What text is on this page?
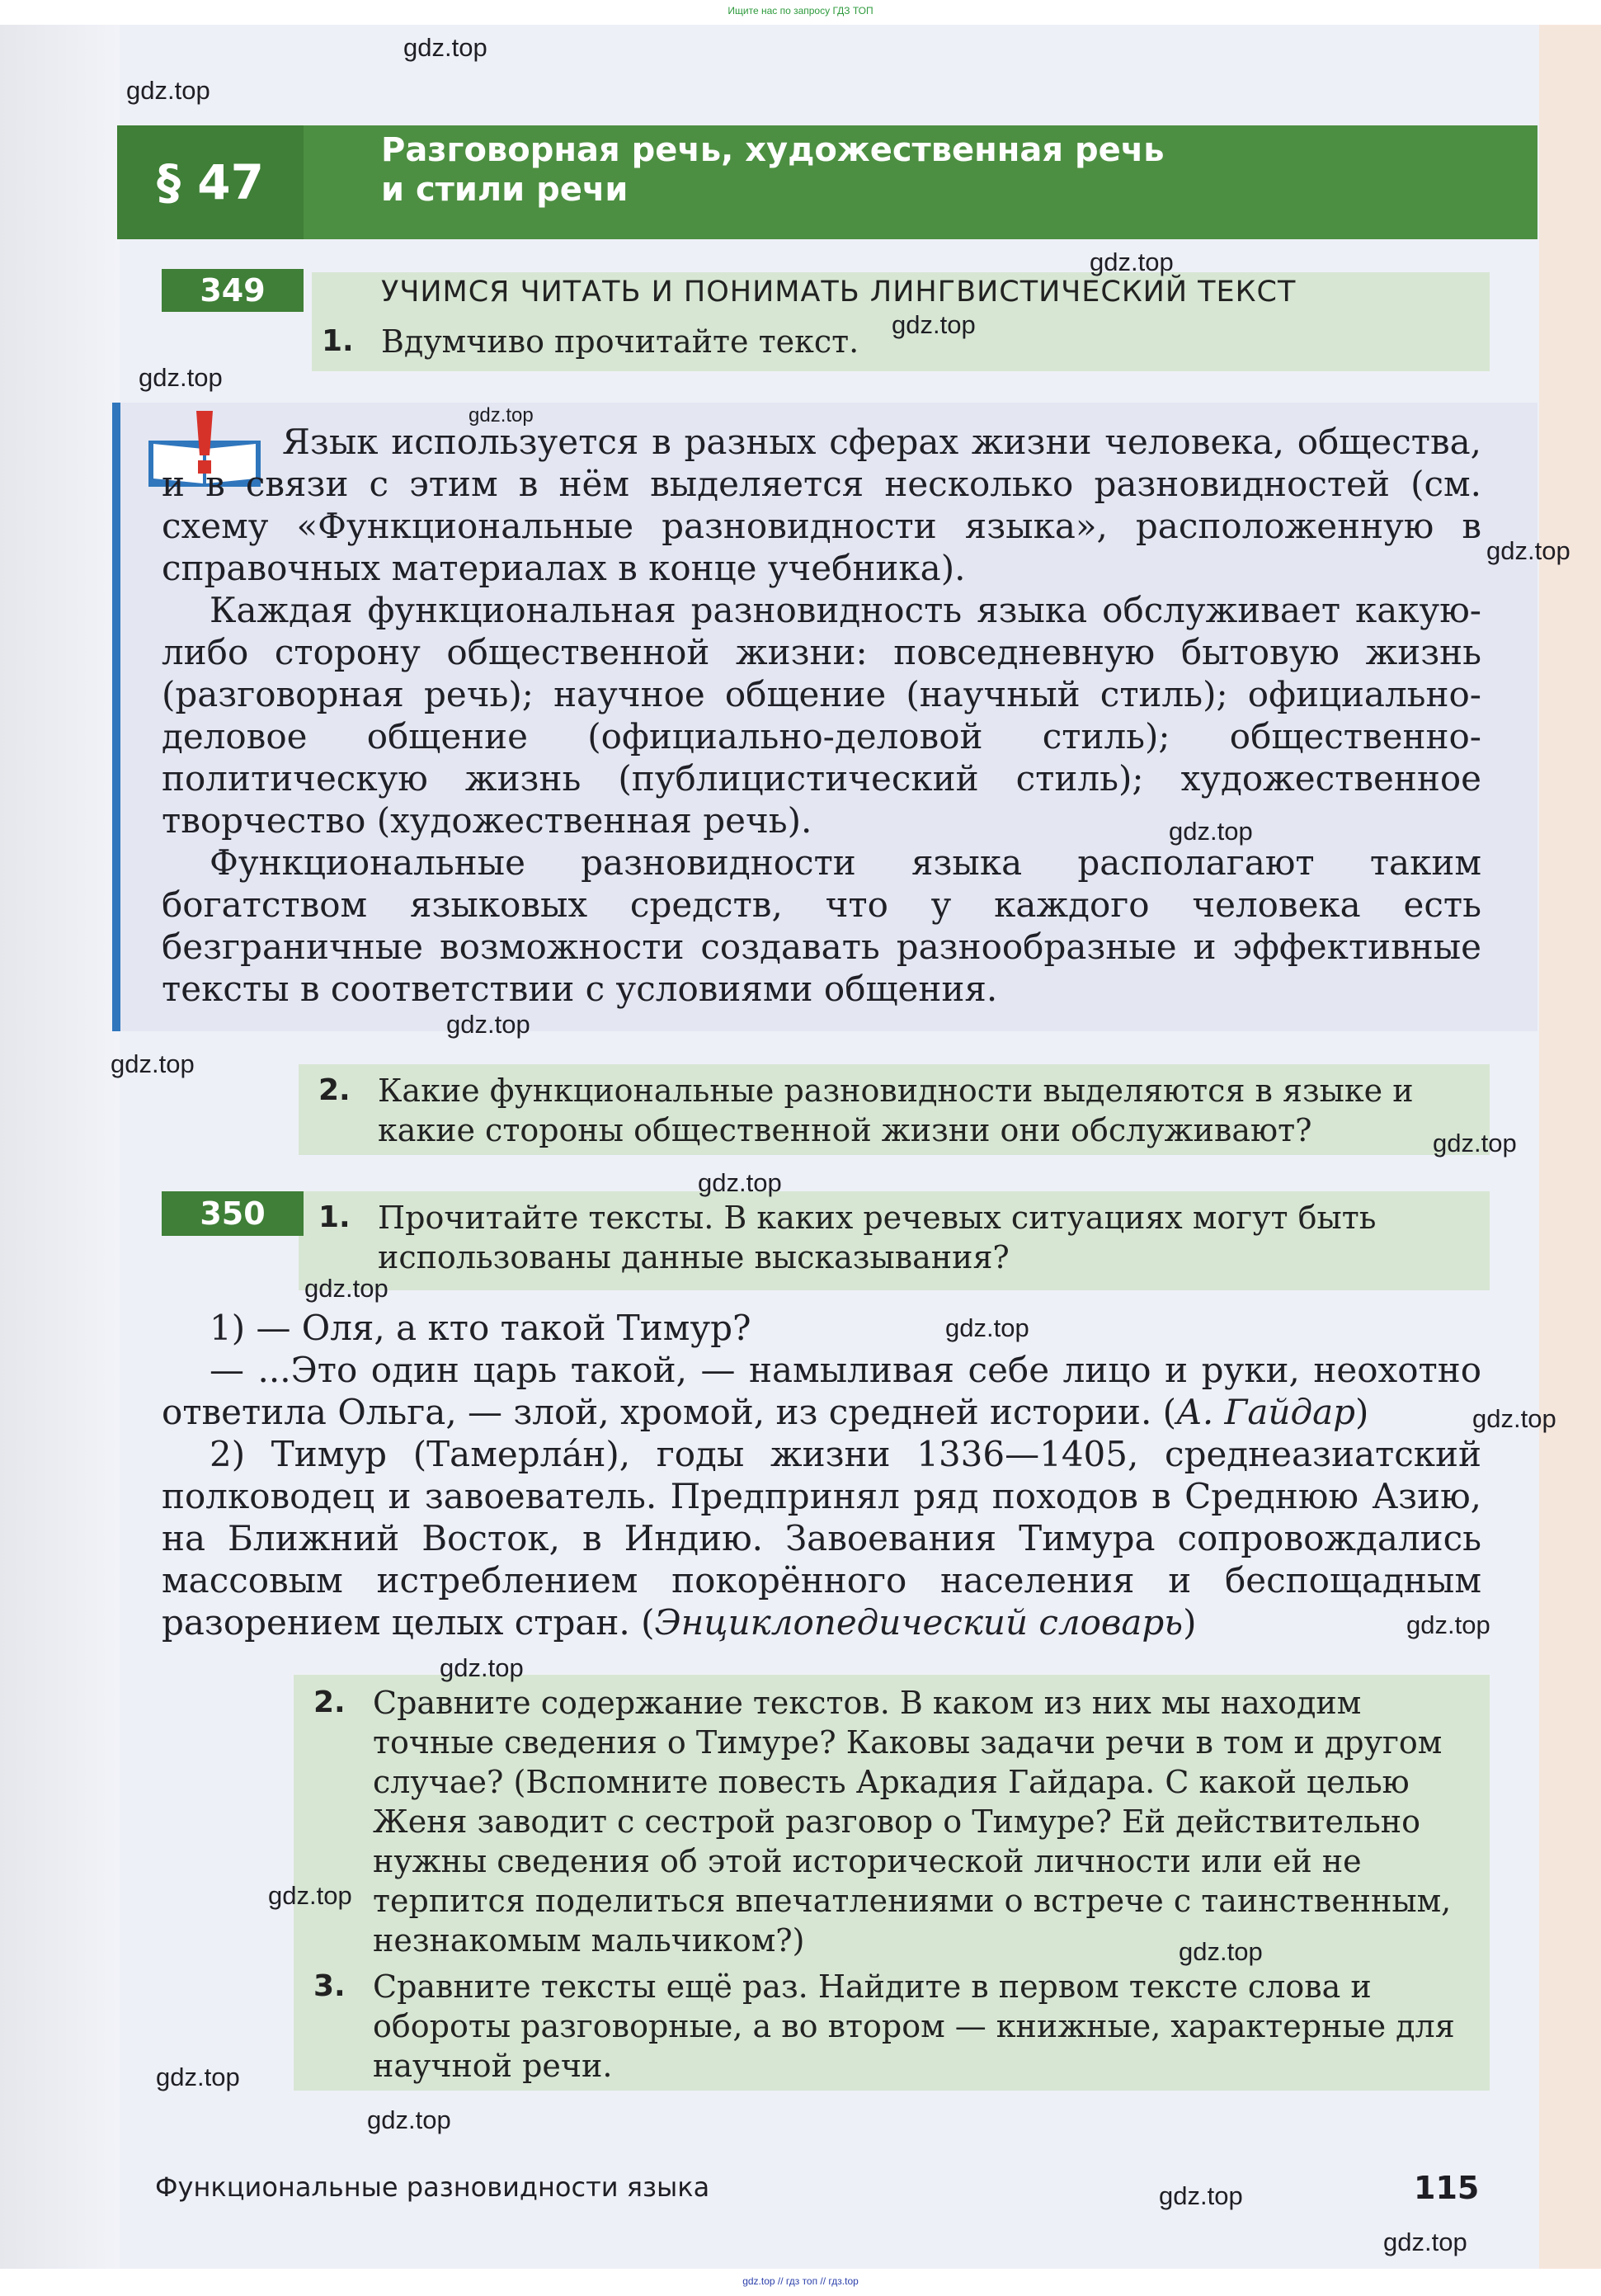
Ищите нас по запросу ГДЗ ТОП
§ 47
Разговорная речь, художественная речь
и стили речи
349	УЧИМСЯ ЧИТАТЬ И ПОНИМАТЬ ЛИНГВИСТИЧЕСКИЙ ТЕКСТ
1. Вдумчиво прочитайте текст.

Язык используется в разных сферах жизни человека, общества, и в связи с этим в нём выделяется несколько разновидностей (см. схему «Функциональные разновидности языка», расположенную в справочных материалах в конце учебника).

Каждая функциональная разновидность языка обслуживает какую-либо сторону общественной жизни: повседневную бытовую жизнь (разговорная речь); научное общение (научный стиль); официально-деловое общение (официально-деловой стиль); общественно-политическую жизнь (публицистический стиль); художественное творчество (художественная речь).

Функциональные разновидности языка располагают таким богатством языковых средств, что у каждого человека есть безграничные возможности создавать разнообразные и эффективные тексты в соответствии с условиями общения.

2. Какие функциональные разновидности выделяются в языке и какие стороны общественной жизни они обслуживают?
350	1. Прочитайте тексты. В каких речевых ситуациях могут быть использованы данные высказывания?

1) — Оля, а кто такой Тимур?

— ...Это один царь такой, — намыливая себе лицо и руки, неохотно ответила Ольга, — злой, хромой, из средней истории. (А. Гайдар)

2) Тимур (Тамерла́н), годы жизни 1336—1405, среднеазиатский полководец и завоеватель. Предпринял ряд походов в Среднюю Азию, на Ближний Восток, в Индию. Завоевания Тимура сопровождались массовым истреблением покорённого населения и беспощадным разорением целых стран. (Энциклопедический словарь)

2. Сравните содержание текстов. В каком из них мы находим точные сведения о Тимуре? Каковы задачи речи в том и другом случае? (Вспомните повесть Аркадия Гайдара. С какой целью Женя заводит с сестрой разговор о Тимуре? Ей действительно нужны сведения об этой исторической личности или ей не терпится поделиться впечатлениями о встрече с таинственным, незнакомым мальчиком?)
3. Сравните тексты ещё раз. Найдите в первом тексте слова и обороты разговорные, а во втором — книжные, характерные для научной речи.
Функциональные разновидности языка	115
gdz.top
gdz.top
gdz.top
gdz.top
gdz.top
gdz.top
gdz.top
gdz.top
gdz.top
gdz.top
gdz.top
gdz.top
gdz.top
gdz.top
gdz.top
gdz.top
gdz.top
gdz.top
gdz.top
gdz.top
gdz.top
gdz.top
gdz.top
gdz.top // гдз топ // гдз.top
